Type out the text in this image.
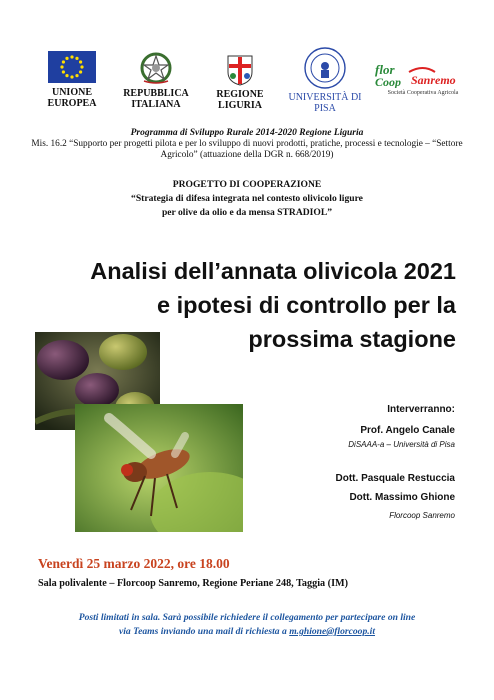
UNIONE
EUROPEA
REPUBBLICA
ITALIANA
REGIONE
LIGURIA
UNIVERSITÀ DI
PISA
flor
Coop Sanremo
Società Cooperativa Agricola
Programma di Sviluppo Rurale 2014-2020 Regione Liguria
Mis. 16.2 “Supporto per progetti pilota e per lo sviluppo di nuovi prodotti, pratiche, processi e tecnologie – “Settore Agricolo” (attuazione della DGR n. 668/2019)
PROGETTO DI COOPERAZIONE
“Strategia di difesa integrata nel contesto olivicolo ligure
per olive da olio e da mensa STRADIOL”
Analisi dell’annata olivicola 2021
e ipotesi di controllo per la
prossima stagione
Interverranno:
Prof. Angelo Canale
DiSAAA-a – Università di Pisa
Dott. Pasquale Restuccia
Dott. Massimo Ghione
Florcoop Sanremo
Venerdì 25 marzo 2022, ore 18.00
Sala polivalente – Florcoop Sanremo, Regione Periane 248, Taggia (IM)
Posti limitati in sala. Sarà possibile richiedere il collegamento per partecipare on line
via Teams inviando una mail di richiesta a m.ghione@florcoop.it
